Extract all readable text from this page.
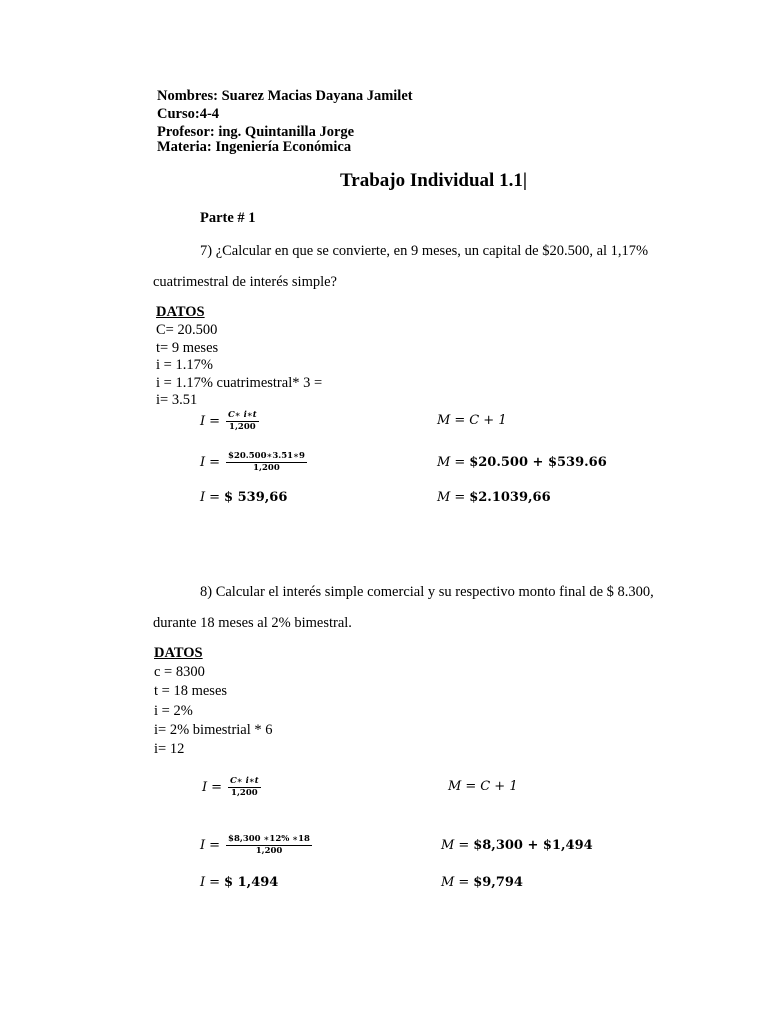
Nombres: Suarez Macias Dayana Jamilet
Curso:4-4
Profesor: ing. Quintanilla Jorge
Materia: Ingeniería Económica
Trabajo Individual 1.1|
Parte # 1
7) ¿Calcular en que se convierte, en 9 meses, un capital de $20.500, al 1,17%
cuatrimestral de interés simple?
DATOS
C= 20.500
t= 9 meses
i = 1.17%
i = 1.17% cuatrimestral* 3 =
i= 3.51
$I = \frac{C∗ i∗t}{1,200}$
$I = \frac{\$20.500∗3.51∗9}{1,200}$
I = $ 539,66
M = C + 1
M = $20.500 + $539.66
M = $2.1039,66
8) Calcular el interés simple comercial y su respectivo monto final de $ 8.300,
durante 18 meses al 2% bimestral.
DATOS
c = 8300
t = 18 meses
i = 2%
i= 2% bimestrial * 6
i= 12
$I = \frac{C∗ i∗t}{1,200}$
$I = \frac{\$8,300 ∗12\% ∗18}{1,200}$
I = $ 1,494
M = C + 1
M = $8,300 + $1,494
M = $9,794
